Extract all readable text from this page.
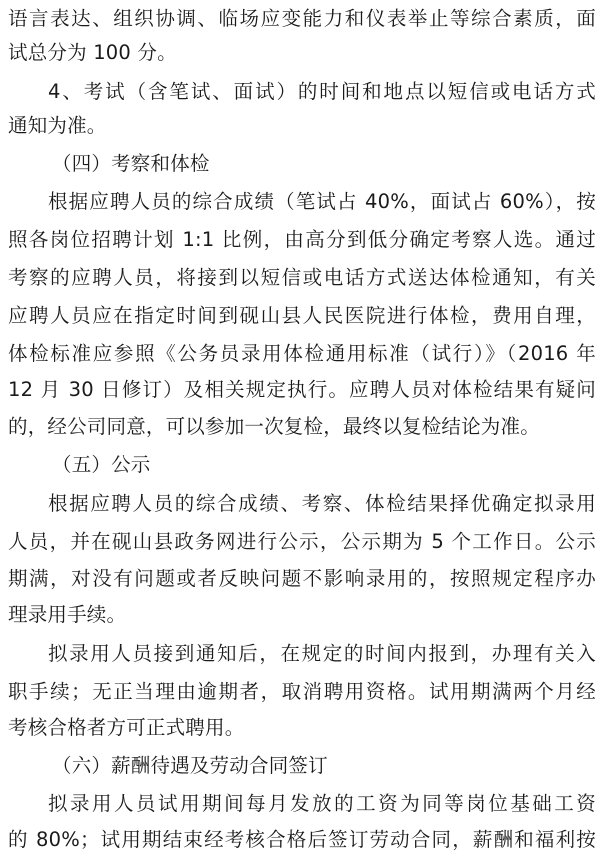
语言表达、组织协调、临场应变能力和仪表举止等综合素质，面
试总分为 100 分。
4、考试（含笔试、面试）的时间和地点以短信或电话方式
通知为准。
（四）考察和体检
根据应聘人员的综合成绩（笔试占 40%，面试占 60%），按
照各岗位招聘计划 1:1 比例，由高分到低分确定考察人选。通过
考察的应聘人员，将接到以短信或电话方式送达体检通知，有关
应聘人员应在指定时间到砚山县人民医院进行体检，费用自理，
体检标准应参照《公务员录用体检通用标准（试行）》（2016 年
12 月 30 日修订）及相关规定执行。应聘人员对体检结果有疑问
的，经公司同意，可以参加一次复检，最终以复检结论为准。
（五）公示
根据应聘人员的综合成绩、考察、体检结果择优确定拟录用
人员，并在砚山县政务网进行公示，公示期为 5 个工作日。公示
期满，对没有问题或者反映问题不影响录用的，按照规定程序办
理录用手续。
拟录用人员接到通知后，在规定的时间内报到，办理有关入
职手续；无正当理由逾期者，取消聘用资格。试用期满两个月经
考核合格者方可正式聘用。
（六）薪酬待遇及劳动合同签订
拟录用人员试用期间每月发放的工资为同等岗位基础工资
的 80%；试用期结束经考核合格后签订劳动合同，薪酬和福利按
